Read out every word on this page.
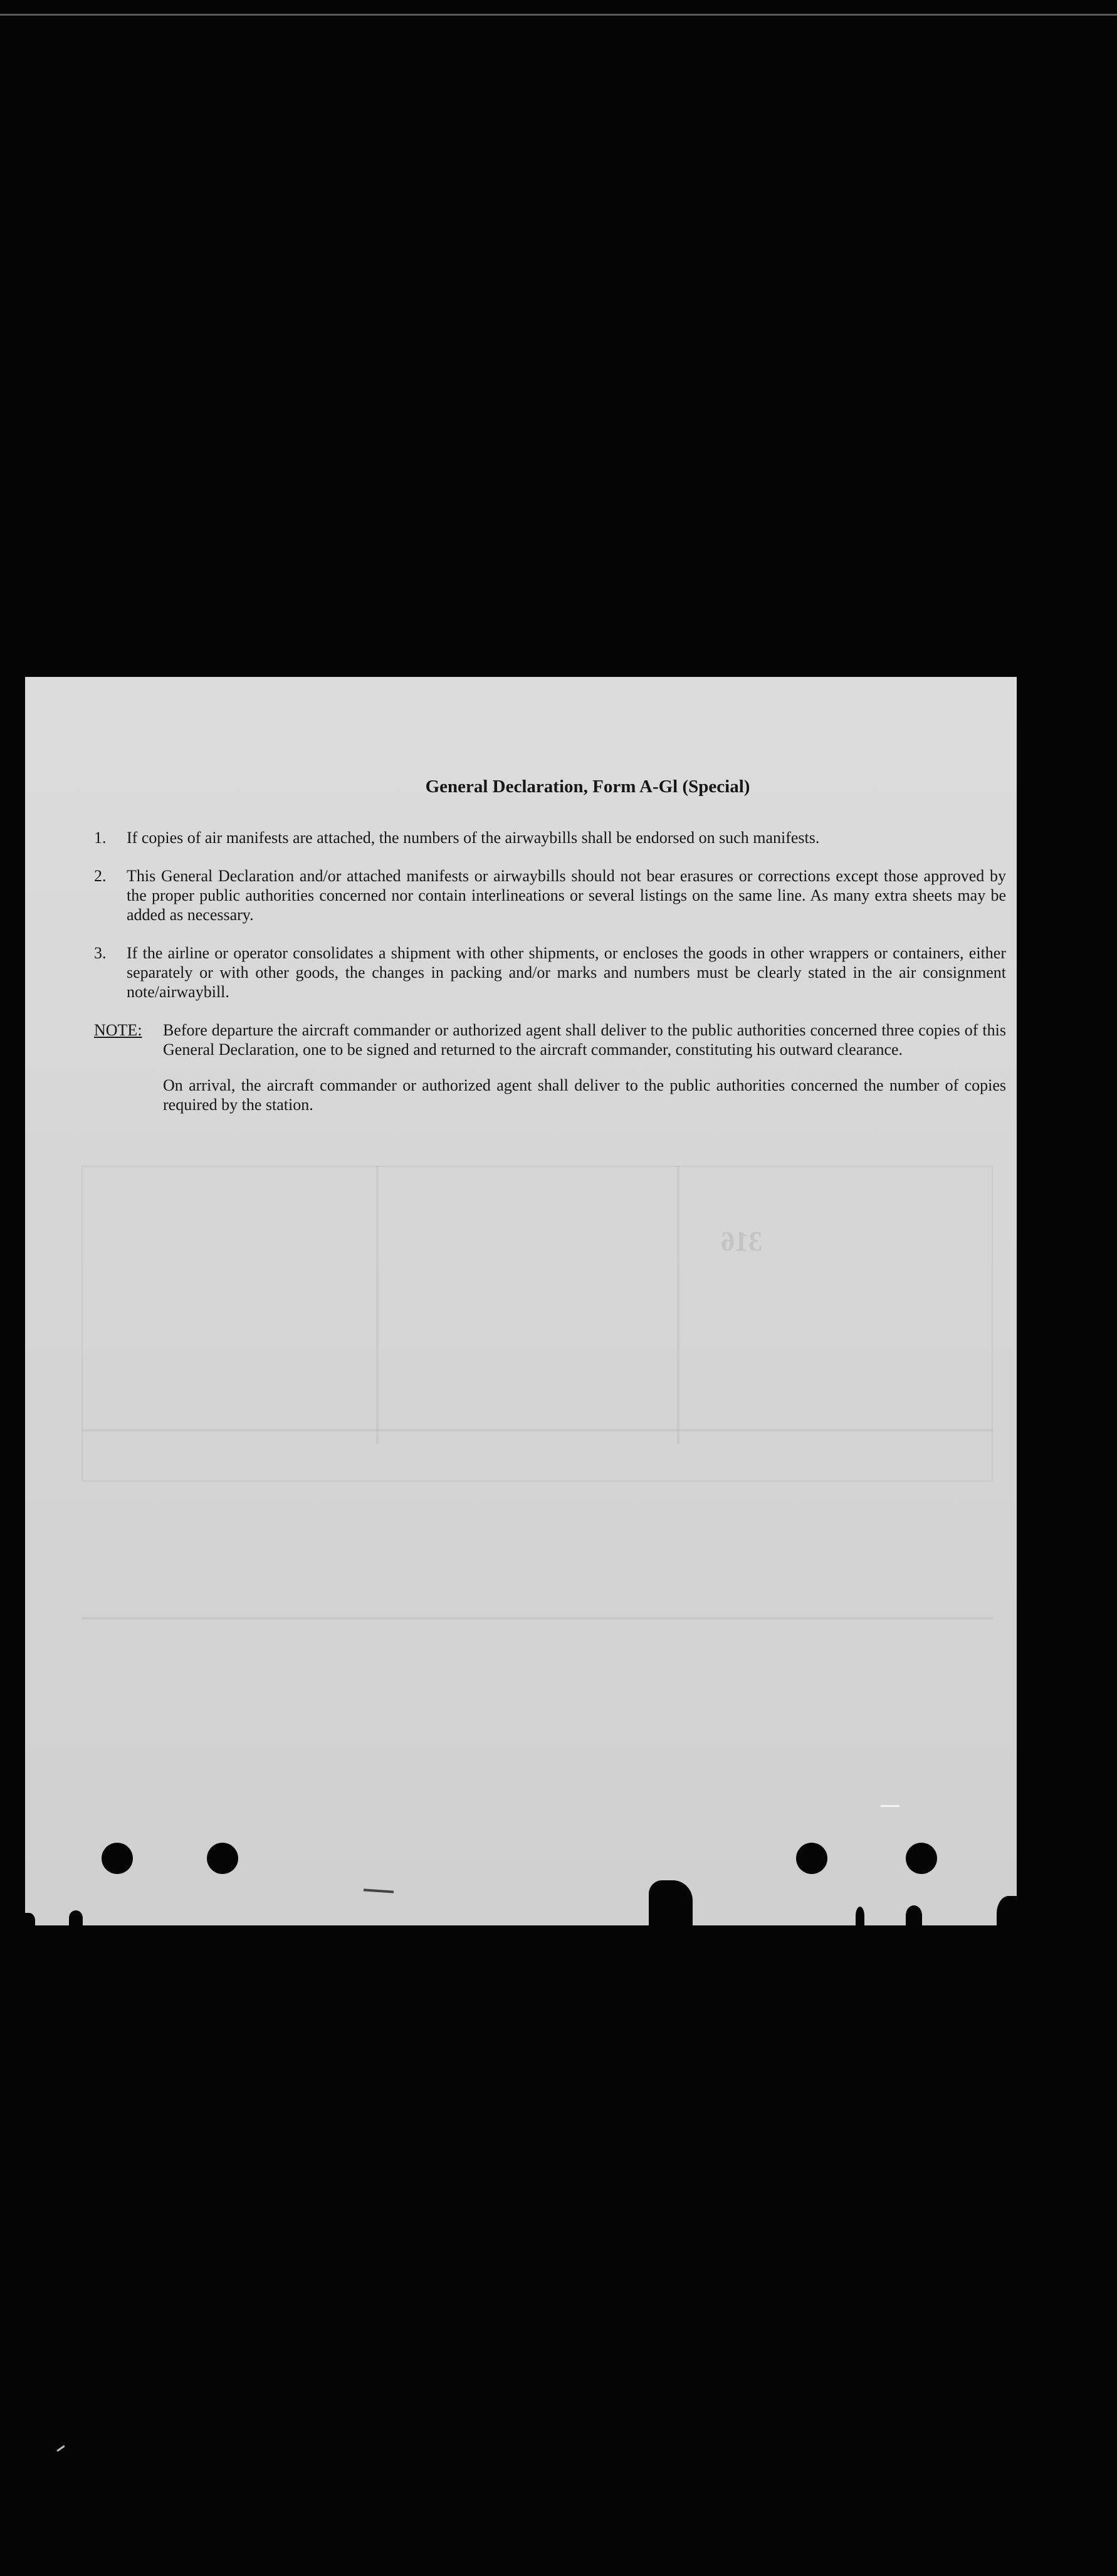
316
General Declaration, Form A-Gl (Special)
1.	If copies of air manifests are attached, the numbers of the airwaybills shall be endorsed on such manifests.
2.	This General Declaration and/or attached manifests or airwaybills should not bear erasures or corrections except those approved by the proper public authorities concerned nor contain interlineations or several listings on the same line. As many extra sheets may be added as necessary.
3.	If the airline or operator consolidates a shipment with other shipments, or encloses the goods in other wrappers or containers, either separately or with other goods, the changes in packing and/or marks and numbers must be clearly stated in the air consignment note/airwaybill.
NOTE:	Before departure the aircraft commander or authorized agent shall deliver to the public authorities concerned three copies of this General Declaration, one to be signed and returned to the aircraft commander, constituting his outward clearance.
On arrival, the aircraft commander or authorized agent shall deliver to the public authorities concerned the number of copies required by the station.
